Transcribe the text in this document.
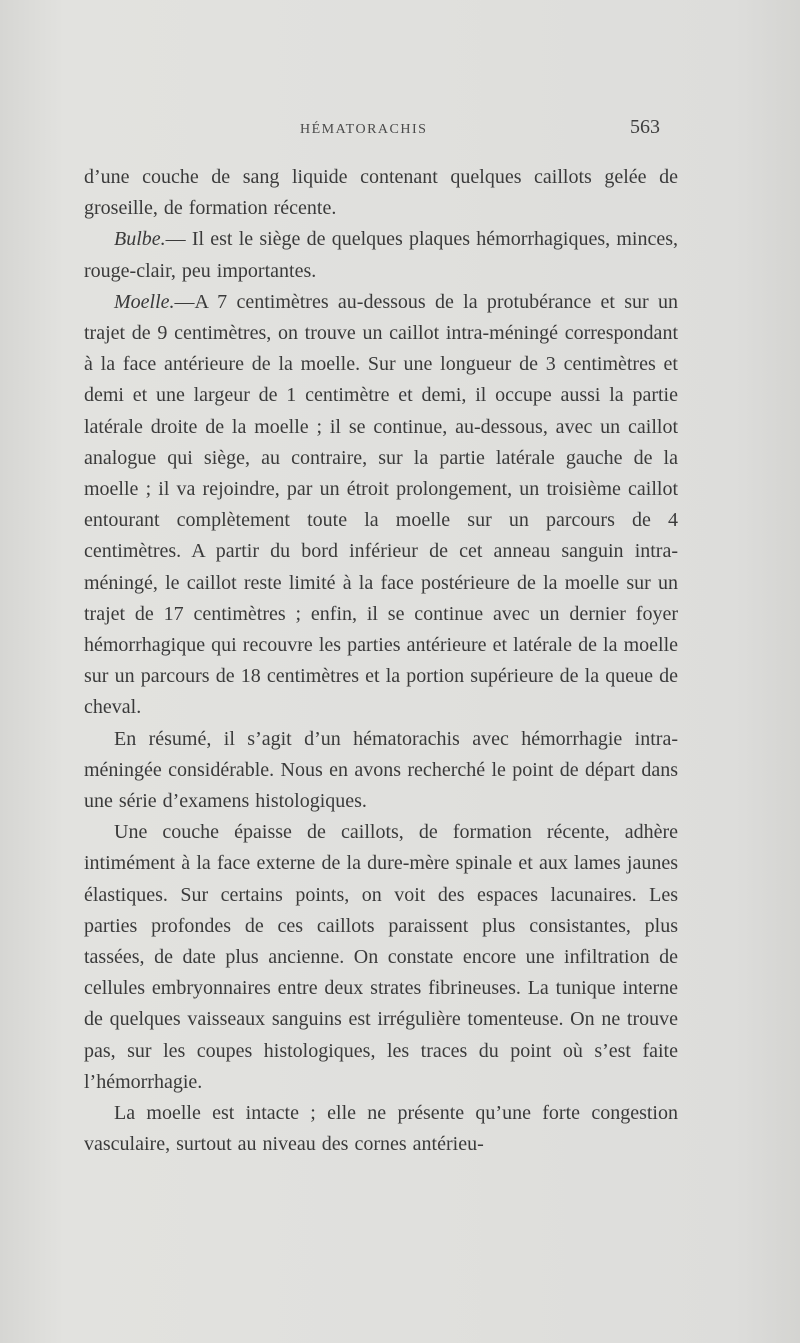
HÉMATORACHIS	563

d’une couche de sang liquide contenant quelques caillots gelée de groseille, de formation récente.

Bulbe.— Il est le siège de quelques plaques hémorrhagiques, minces, rouge-clair, peu importantes.

Moelle.—A 7 centimètres au-dessous de la protubérance et sur un trajet de 9 centimètres, on trouve un caillot intra-méningé correspondant à la face antérieure de la moelle. Sur une longueur de 3 centimètres et demi et une largeur de 1 centimètre et demi, il occupe aussi la partie latérale droite de la moelle ; il se continue, au-dessous, avec un caillot analogue qui siège, au contraire, sur la partie latérale gauche de la moelle ; il va rejoindre, par un étroit prolongement, un troisième caillot entourant complètement toute la moelle sur un parcours de 4 centimètres. A partir du bord inférieur de cet anneau sanguin intra-méningé, le caillot reste limité à la face postérieure de la moelle sur un trajet de 17 centimètres ; enfin, il se continue avec un dernier foyer hémorrhagique qui recouvre les parties antérieure et latérale de la moelle sur un parcours de 18 centimètres et la portion supérieure de la queue de cheval.

En résumé, il s’agit d’un hématorachis avec hémorrhagie intra-méningée considérable. Nous en avons recherché le point de départ dans une série d’examens histologiques.

Une couche épaisse de caillots, de formation récente, adhère intimément à la face externe de la dure-mère spinale et aux lames jaunes élastiques. Sur certains points, on voit des espaces lacunaires. Les parties profondes de ces caillots paraissent plus consistantes, plus tassées, de date plus ancienne. On constate encore une infiltration de cellules embryonnaires entre deux strates fibrineuses. La tunique interne de quelques vaisseaux sanguins est irrégulière tomenteuse. On ne trouve pas, sur les coupes histologiques, les traces du point où s’est faite l’hémorrhagie.

La moelle est intacte ; elle ne présente qu’une forte congestion vasculaire, surtout au niveau des cornes antérieu-
